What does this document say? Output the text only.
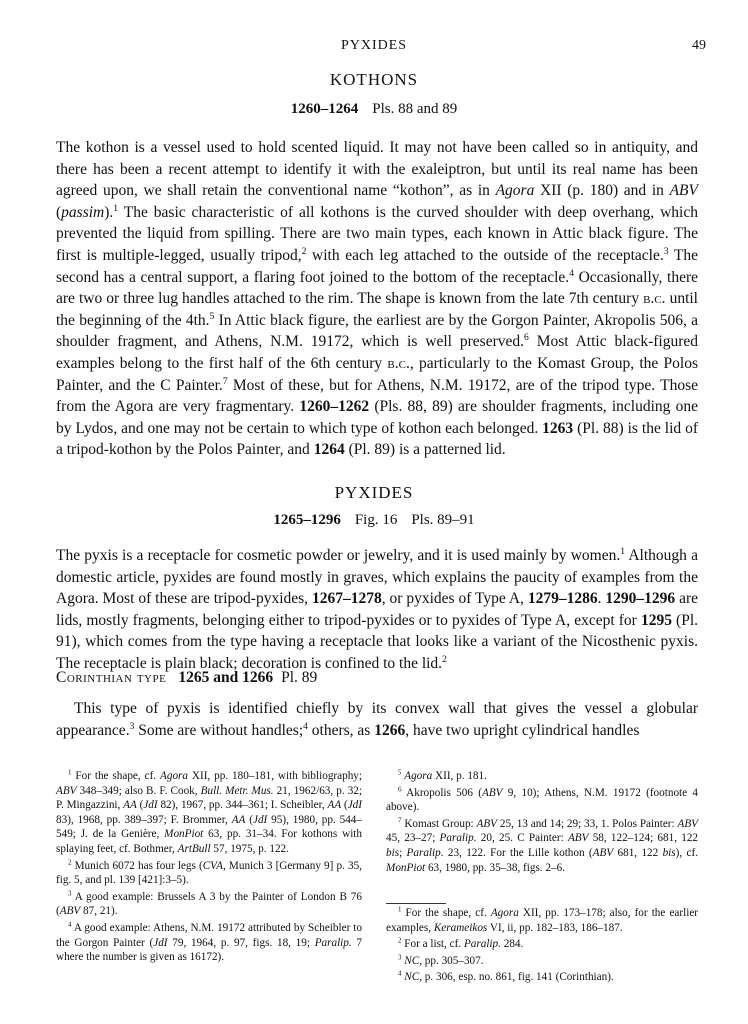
PYXIDES	49
KOTHONS
1260–1264 Pls. 88 and 89

The kothon is a vessel used to hold scented liquid. It may not have been called so in antiquity, and there has been a recent attempt to identify it with the exaleiptron, but until its real name has been agreed upon, we shall retain the conventional name “kothon”, as in Agora XII (p. 180) and in ABV (passim).$^1$ The basic characteristic of all kothons is the curved shoulder with deep overhang, which prevented the liquid from spilling. There are two main types, each known in Attic black figure. The first is multiple-legged, usually tripod,$^2$ with each leg attached to the outside of the receptacle.$^3$ The second has a central support, a flaring foot joined to the bottom of the receptacle.$^4$ Occasionally, there are two or three lug handles attached to the rim. The shape is known from the late 7th century b.c. until the beginning of the 4th.$^5$ In Attic black figure, the earliest are by the Gorgon Painter, Akropolis 506, a shoulder fragment, and Athens, N.M. 19172, which is well preserved.$^6$ Most Attic black-figured examples belong to the first half of the 6th century b.c., particularly to the Komast Group, the Polos Painter, and the C Painter.$^7$ Most of these, but for Athens, N.M. 19172, are of the tripod type. Those from the Agora are very fragmentary. 1260–1262 (Pls. 88, 89) are shoulder fragments, including one by Lydos, and one may not be certain to which type of kothon each belonged. 1263 (Pl. 88) is the lid of a tripod-kothon by the Polos Painter, and 1264 (Pl. 89) is a patterned lid.

PYXIDES
1265–1296 Fig. 16 Pls. 89–91

The pyxis is a receptacle for cosmetic powder or jewelry, and it is used mainly by women.$^1$ Although a domestic article, pyxides are found mostly in graves, which explains the paucity of examples from the Agora. Most of these are tripod-pyxides, 1267–1278, or pyxides of Type A, 1279–1286. 1290–1296 are lids, mostly fragments, belonging either to tripod-pyxides or to pyxides of Type A, except for 1295 (Pl. 91), which comes from the type having a receptacle that looks like a variant of the Nicosthenic pyxis. The receptacle is plain black; decoration is confined to the lid.$^2$

Corinthian type 1265 and 1266 Pl. 89

This type of pyxis is identified chiefly by its convex wall that gives the vessel a globular appearance.$^3$ Some are without handles;$^4$ others, as 1266, have two upright cylindrical handles

$^1$ For the shape, cf. Agora XII, pp. 180–181, with bibliography; ABV 348–349; also B. F. Cook, Bull. Metr. Mus. 21, 1962/63, p. 32; P. Mingazzini, AA (JdI 82), 1967, pp. 344–361; I. Scheibler, AA (JdI 83), 1968, pp. 389–397; F. Brommer, AA (JdI 95), 1980, pp. 544–549; J. de la Genière, MonPiot 63, pp. 31–34. For kothons with splaying feet, cf. Bothmer, ArtBull 57, 1975, p. 122.

$^2$ Munich 6072 has four legs (CVA, Munich 3 [Germany 9] p. 35, fig. 5, and pl. 139 [421]:3–5).

$^3$ A good example: Brussels A 3 by the Painter of London B 76 (ABV 87, 21).

$^4$ A good example: Athens, N.M. 19172 attributed by Scheibler to the Gorgon Painter (JdI 79, 1964, p. 97, figs. 18, 19; Paralip. 7 where the number is given as 16172).

$^5$ Agora XII, p. 181.

$^6$ Akropolis 506 (ABV 9, 10); Athens, N.M. 19172 (footnote 4 above).

$^7$ Komast Group: ABV 25, 13 and 14; 29; 33, 1. Polos Painter: ABV 45, 23–27; Paralip. 20, 25. C Painter: ABV 58, 122–124; 681, 122 bis; Paralip. 23, 122. For the Lille kothon (ABV 681, 122 bis), cf. MonPiot 63, 1980, pp. 35–38, figs. 2–6.

$^1$ For the shape, cf. Agora XII, pp. 173–178; also, for the earlier examples, Kerameikos VI, ii, pp. 182–183, 186–187.

$^2$ For a list, cf. Paralip. 284.

$^3$ NC, pp. 305–307.

$^4$ NC, p. 306, esp. no. 861, fig. 141 (Corinthian).
